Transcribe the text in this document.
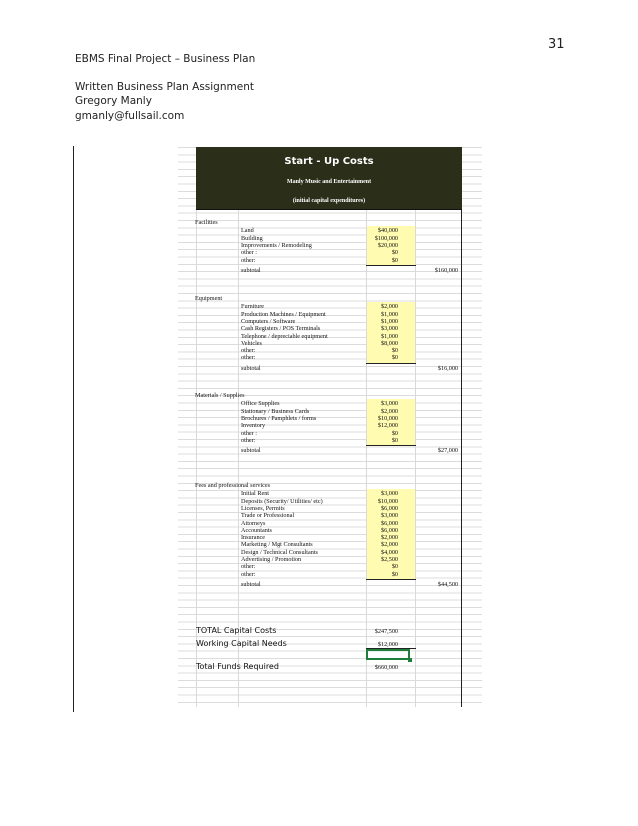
31
EBMS Final Project – Business Plan
Written Business Plan Assignment
Gregory Manly
gmanly@fullsail.com
Start - Up Costs
Manly Music and Entertainment
(initial capital expenditures)
Facilities
Land	$40,000
Building	$100,000
Improvements / Remodeling	$20,000
other :	$0
other:	$0
subtotal	$160,000
Equipment
Furniture	$2,000
Production Machines / Equipment	$1,000
Computers / Software	$1,000
Cash Registers / POS Terminals	$3,000
Telephone / depreciable equipment	$1,000
Vehicles	$8,000
other:	$0
other:	$0
subtotal	$16,000
Materials / Supplies
Office Supplies	$3,000
Stationary / Business Cards	$2,000
Brochures / Pamphlets / forms	$10,000
Inventory	$12,000
other :	$0
other:	$0
subtotal	$27,000
Fees and professional services
Initial Rent	$3,000
Deposits (Security/ Utilities/ etc)	$10,000
Licenses, Permits	$6,000
Trade or Professional	$3,000
Attorneys	$6,000
Accountants	$6,000
Insurance	$2,000
Marketing / Mgt Consultants	$2,000
Design / Technical Consultants	$4,000
Advertising / Promotion	$2,500
other:	$0
other:	$0
subtotal	$44,500
TOTAL Capital Costs	$247,500
Working Capital Needs	$12,000
Total Funds Required	$660,000
